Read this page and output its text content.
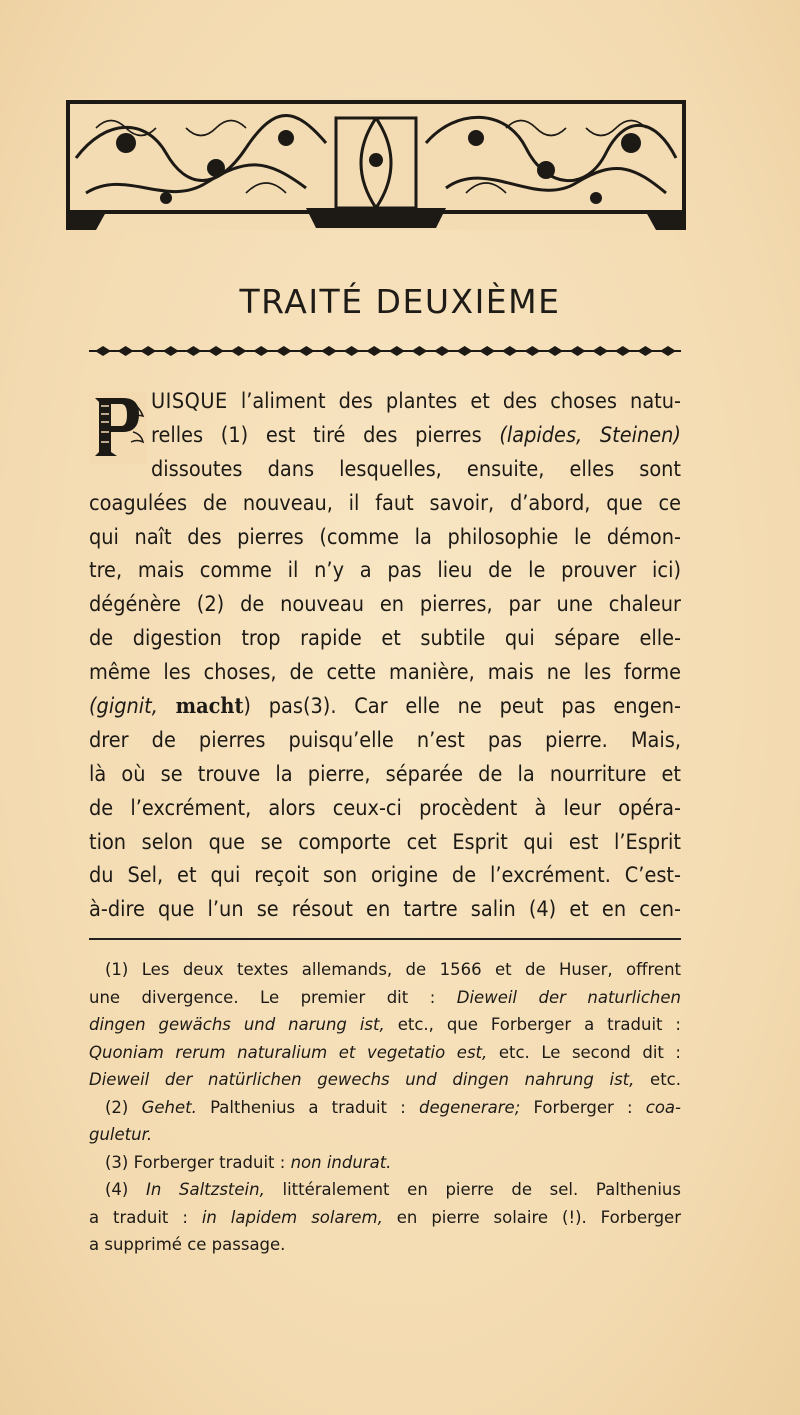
TRAITÉ DEUXIÈME
UISQUE l’aliment des plantes et des choses natu-
relles (1) est tiré des pierres (lapides, Steinen)
dissoutes dans lesquelles, ensuite, elles sont
coagulées de nouveau, il faut savoir, d’abord, que ce
qui naît des pierres (comme la philosophie le démon-
tre, mais comme il n’y a pas lieu de le prouver ici)
dégénère (2) de nouveau en pierres, par une chaleur
de digestion trop rapide et subtile qui sépare elle-
même les choses, de cette manière, mais ne les forme
(gignit, macht) pas(3). Car elle ne peut pas engen-
drer de pierres puisqu’elle n’est pas pierre. Mais,
là où se trouve la pierre, séparée de la nourriture et
de l’excrément, alors ceux-ci procèdent à leur opéra-
tion selon que se comporte cet Esprit qui est l’Esprit
du Sel, et qui reçoit son origine de l’excrément. C’est-
à-dire que l’un se résout en tartre salin (4) et en cen-
(1) Les deux textes allemands, de 1566 et de Huser, offrent
une divergence. Le premier dit : Dieweil der naturlichen
dingen gewächs und narung ist, etc., que Forberger a traduit :
Quoniam rerum naturalium et vegetatio est, etc. Le second dit :
Dieweil der natürlichen gewechs und dingen nahrung ist, etc.
(2) Gehet. Palthenius a traduit : degenerare; Forberger : coa-
guletur.
(3) Forberger traduit : non indurat.
(4) In Saltzstein, littéralement en pierre de sel. Palthenius
a traduit : in lapidem solarem, en pierre solaire (!). Forberger
a supprimé ce passage.
